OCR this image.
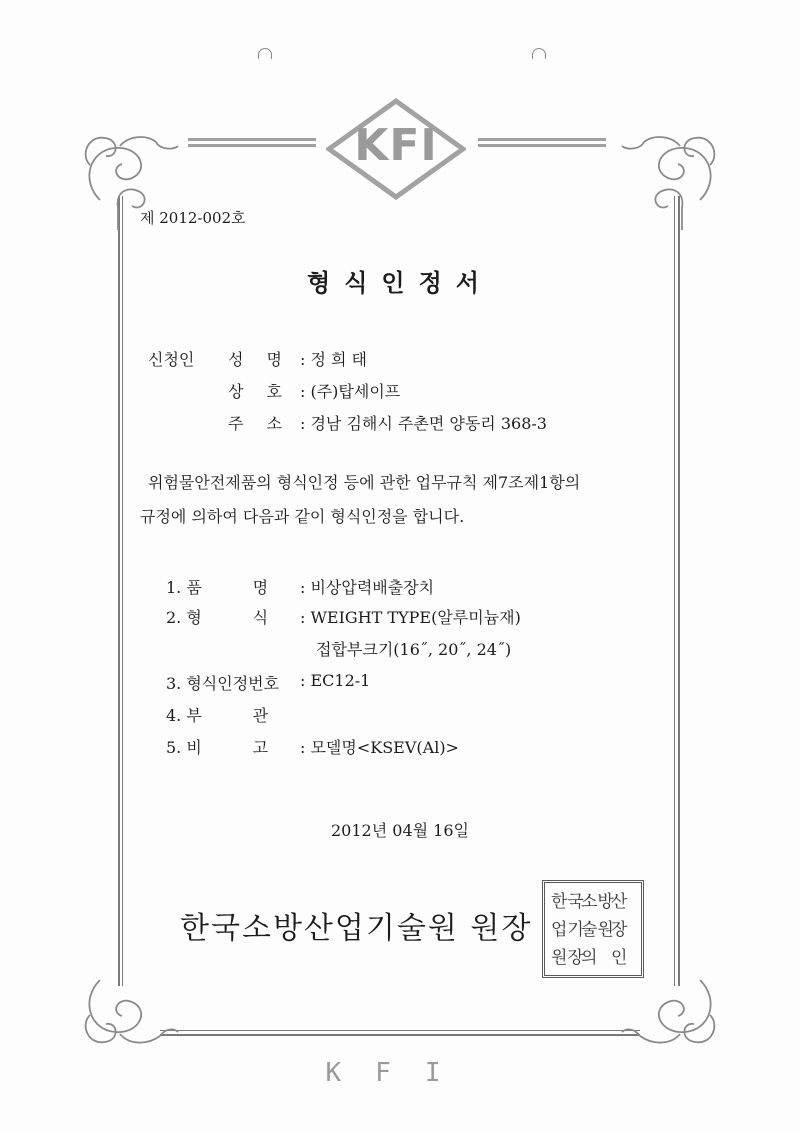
KFI
제 2012-002호
형식인정서
신청인 성 명 : 정 희 태
상 호 : (주)탑세이프
주 소 : 경남 김해시 주촌면 양동리 368-3
위험물안전제품의 형식인정 등에 관한 업무규칙 제7조제1항의
규정에 의하여 다음과 같이 형식인정을 합니다.
1. 품          명 : 비상압력배출장치
2. 형          식 : WEIGHT TYPE(알루미늄재)
접합부크기(16˝, 20˝, 24˝)
3. 형식인정번호 : EC12-1
4. 부          관
5. 비          고 : 모델명<KSEV(Al)>
2012년 04월 16일
한국소방산업기술원 원장
한국
소방
산
업기
술원
장
원장
의 인
KFI
